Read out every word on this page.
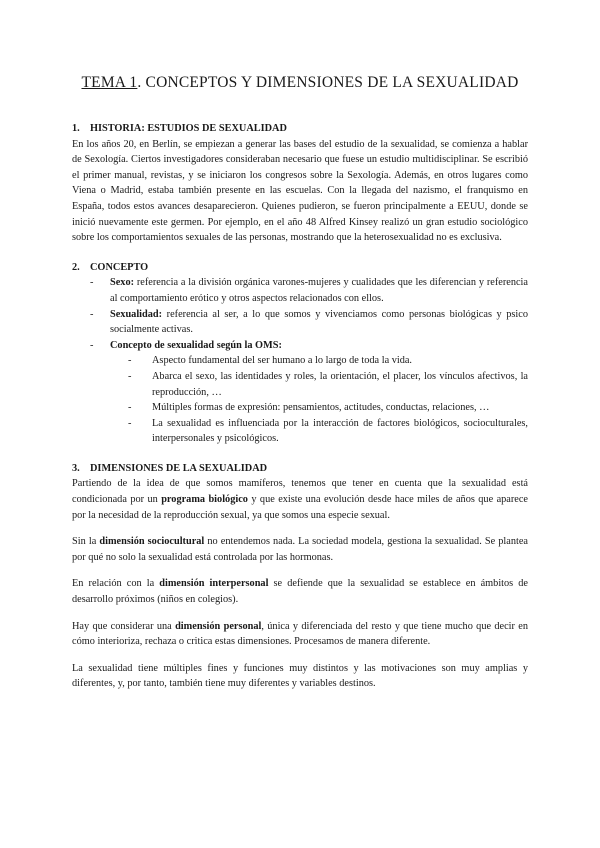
TEMA 1. CONCEPTOS Y DIMENSIONES DE LA SEXUALIDAD
1. HISTORIA: ESTUDIOS DE SEXUALIDAD

En los años 20, en Berlín, se empiezan a generar las bases del estudio de la sexualidad, se comienza a hablar de Sexología. Ciertos investigadores consideraban necesario que fuese un estudio multidisciplinar. Se escribió el primer manual, revistas, y se iniciaron los congresos sobre la Sexología. Además, en otros lugares como Viena o Madrid, estaba también presente en las escuelas. Con la llegada del nazismo, el franquismo en España, todos estos avances desaparecieron. Quienes pudieron, se fueron principalmente a EEUU, donde se inició nuevamente este germen. Por ejemplo, en el año 48 Alfred Kinsey realizó un gran estudio sociológico sobre los comportamientos sexuales de las personas, mostrando que la heterosexualidad no es exclusiva.

2. CONCEPTO
- Sexo: referencia a la división orgánica varones-mujeres y cualidades que les diferencian y referencia al comportamiento erótico y otros aspectos relacionados con ellos.
- Sexualidad: referencia al ser, a lo que somos y vivenciamos como personas biológicas y psico socialmente activas.
- Concepto de sexualidad según la OMS:
- Aspecto fundamental del ser humano a lo largo de toda la vida.
- Abarca el sexo, las identidades y roles, la orientación, el placer, los vínculos afectivos, la reproducción, …
- Múltiples formas de expresión: pensamientos, actitudes, conductas, relaciones, …
- La sexualidad es influenciada por la interacción de factores biológicos, socioculturales, interpersonales y psicológicos.
3. DIMENSIONES DE LA SEXUALIDAD

Partiendo de la idea de que somos mamíferos, tenemos que tener en cuenta que la sexualidad está condicionada por un programa biológico y que existe una evolución desde hace miles de años que aparece por la necesidad de la reproducción sexual, ya que somos una especie sexual.

Sin la dimensión sociocultural no entendemos nada. La sociedad modela, gestiona la sexualidad. Se plantea por qué no solo la sexualidad está controlada por las hormonas.

En relación con la dimensión interpersonal se defiende que la sexualidad se establece en ámbitos de desarrollo próximos (niños en colegios).

Hay que considerar una dimensión personal, única y diferenciada del resto y que tiene mucho que decir en cómo interioriza, rechaza o critica estas dimensiones. Procesamos de manera diferente.

La sexualidad tiene múltiples fines y funciones muy distintos y las motivaciones son muy amplias y diferentes, y, por tanto, también tiene muy diferentes y variables destinos.
